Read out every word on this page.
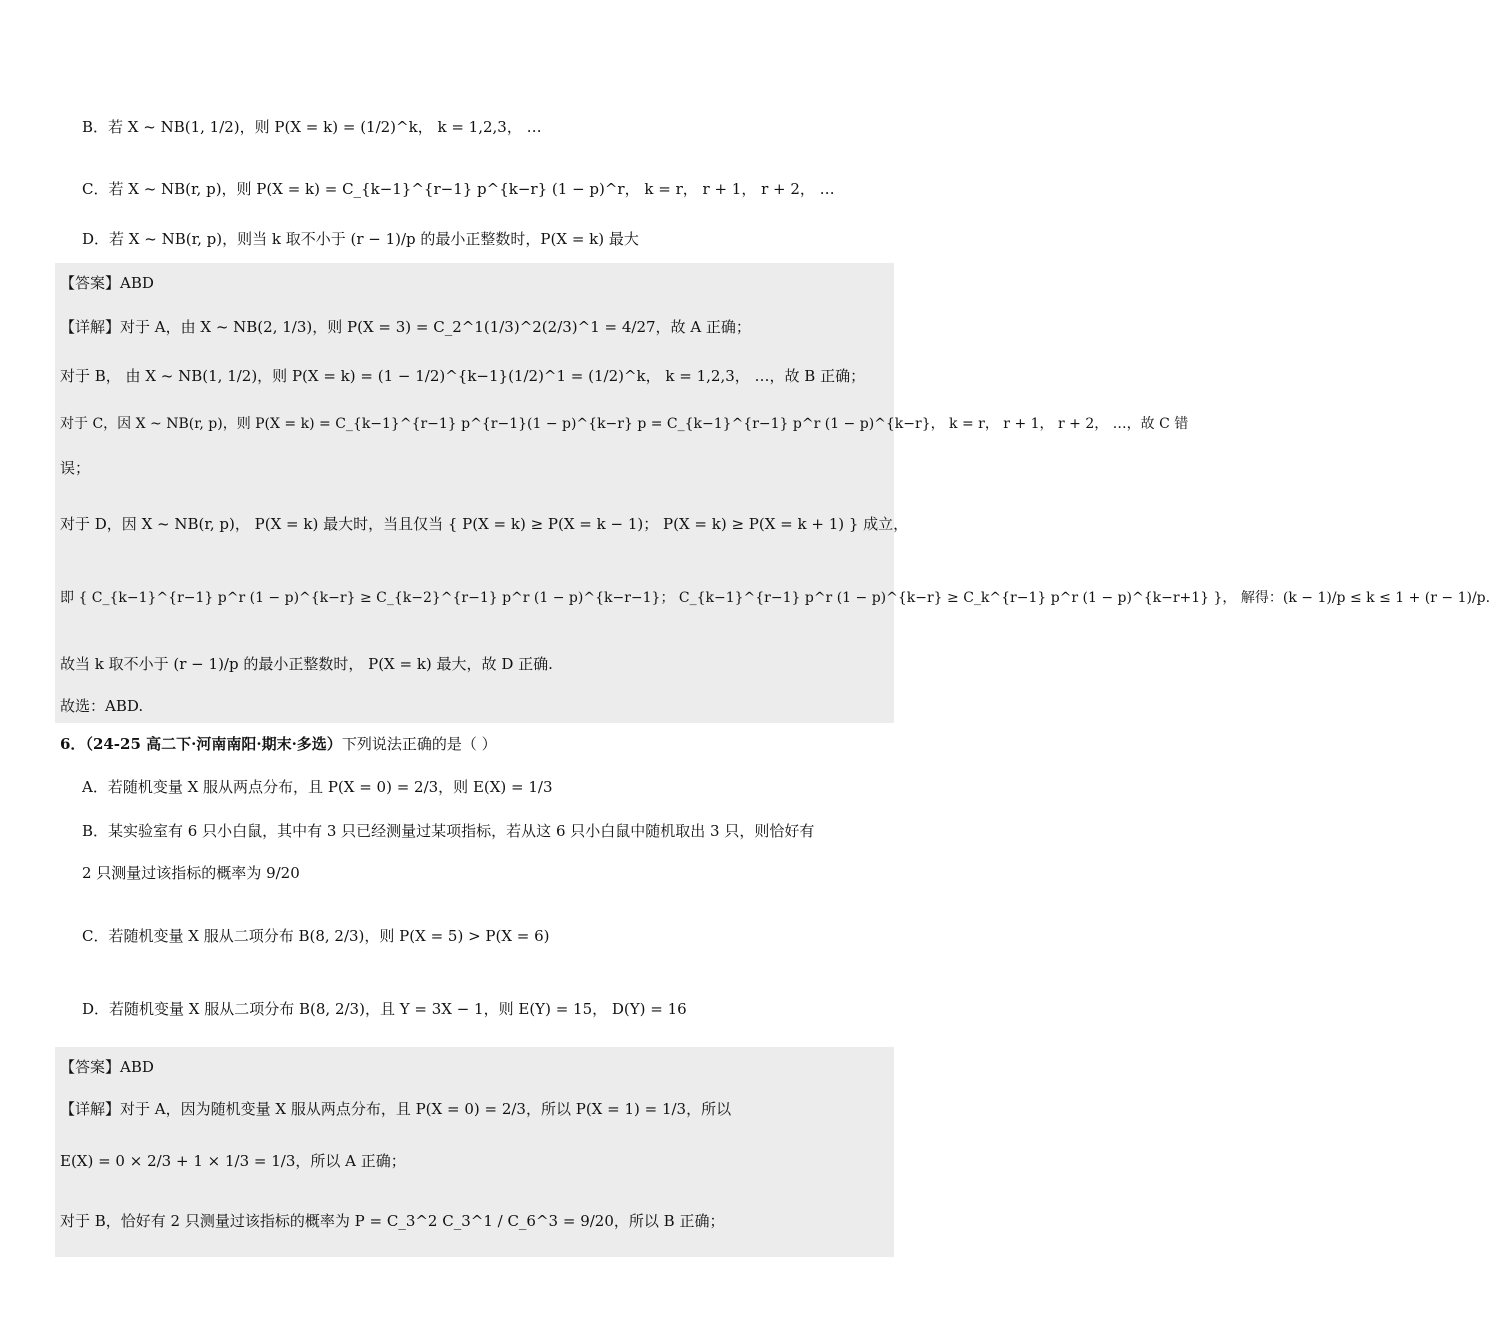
B．若 X ~ NB(1, 1/2)，则 P(X = k) = (1/2)^k， k = 1,2,3， …
C．若 X ~ NB(r, p)，则 P(X = k) = C_{k−1}^{r−1} p^{k−r} (1 − p)^r， k = r， r + 1， r + 2， …
D．若 X ~ NB(r, p)，则当 k 取不小于 (r − 1)/p 的最小正整数时，P(X = k) 最大
【答案】ABD
【详解】对于 A，由 X ~ NB(2, 1/3)，则 P(X = 3) = C_2^1(1/3)^2(2/3)^1 = 4/27，故 A 正确；
对于 B， 由 X ~ NB(1, 1/2)，则 P(X = k) = (1 − 1/2)^{k−1}(1/2)^1 = (1/2)^k， k = 1,2,3， …，故 B 正确；
对于 C，因 X ~ NB(r, p)，则 P(X = k) = C_{k−1}^{r−1} p^{r−1}(1 − p)^{k−r} p = C_{k−1}^{r−1} p^r (1 − p)^{k−r}， k = r， r + 1， r + 2， …，故 C 错
误；
对于 D，因 X ~ NB(r, p)， P(X = k) 最大时，当且仅当 { P(X = k) ≥ P(X = k − 1)； P(X = k) ≥ P(X = k + 1) } 成立，
即 { C_{k−1}^{r−1} p^r (1 − p)^{k−r} ≥ C_{k−2}^{r−1} p^r (1 − p)^{k−r−1}； C_{k−1}^{r−1} p^r (1 − p)^{k−r} ≥ C_k^{r−1} p^r (1 − p)^{k−r+1} }， 解得：(k − 1)/p ≤ k ≤ 1 + (r − 1)/p.
故当 k 取不小于 (r − 1)/p 的最小正整数时， P(X = k) 最大，故 D 正确.
故选：ABD.
6．（24-25 高二下·河南南阳·期末·多选）下列说法正确的是（ ）
A．若随机变量 X 服从两点分布，且 P(X = 0) = 2/3，则 E(X) = 1/3
B．某实验室有 6 只小白鼠，其中有 3 只已经测量过某项指标，若从这 6 只小白鼠中随机取出 3 只，则恰好有
2 只测量过该指标的概率为 9/20
C．若随机变量 X 服从二项分布 B(8, 2/3)，则 P(X = 5) > P(X = 6)
D．若随机变量 X 服从二项分布 B(8, 2/3)，且 Y = 3X − 1，则 E(Y) = 15， D(Y) = 16
【答案】ABD
【详解】对于 A，因为随机变量 X 服从两点分布，且 P(X = 0) = 2/3，所以 P(X = 1) = 1/3，所以
E(X) = 0 × 2/3 + 1 × 1/3 = 1/3，所以 A 正确；
对于 B，恰好有 2 只测量过该指标的概率为 P = C_3^2 C_3^1 / C_6^3 = 9/20，所以 B 正确；
